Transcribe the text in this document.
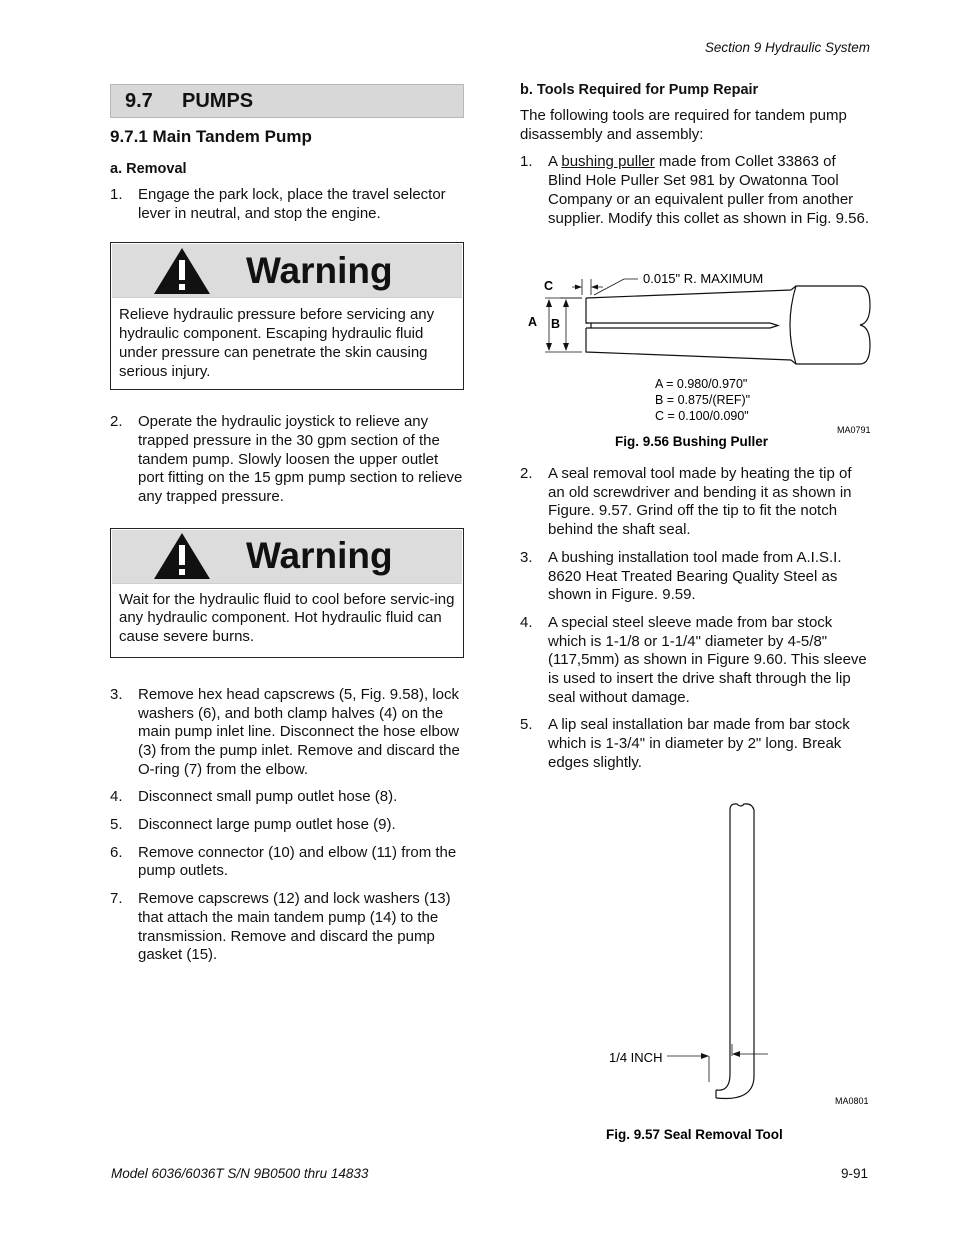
Section 9 Hydraulic System
9.7	PUMPS
9.7.1 Main Tandem Pump
a. Removal
1.	Engage the park lock, place the travel selector lever in neutral, and stop the engine.
Warning
Relieve hydraulic pressure before servicing any hydraulic component. Escaping hydraulic fluid under pressure can penetrate the skin causing serious injury.
2.	Operate the hydraulic joystick to relieve any trapped pressure in the 30 gpm section of the tandem pump. Slowly loosen the upper outlet port fitting on the 15 gpm pump section to relieve any trapped pressure.
Warning
Wait for the hydraulic fluid to cool before servic-ing any hydraulic component. Hot hydraulic fluid can cause severe burns.
3.	Remove hex head capscrews (5, Fig. 9.58), lock washers (6), and both clamp halves (4) on the main pump inlet line. Disconnect the hose elbow (3) from the pump inlet. Remove and discard the O-ring (7) from the elbow.
4.	Disconnect small pump outlet hose (8).
5.	Disconnect large pump outlet hose (9).
6.	Remove connector (10) and elbow (11) from the pump outlets.
7.	Remove capscrews (12) and lock washers (13) that attach the main tandem pump (14) to the transmission. Remove and discard the pump gasket (15).
b. Tools Required for Pump Repair
The following tools are required for tandem pump disassembly and assembly:
1.	A bushing puller made from Collet 33863 of Blind Hole Puller Set 981 by Owatonna Tool Company or an equivalent puller from another supplier. Modify this collet as shown in Fig. 9.56.
0.015" R. MAXIMUM
C
A B
A = 0.980/0.970"
B = 0.875/(REF)"
C = 0.100/0.090"
MA0791
Fig. 9.56 Bushing Puller
2.	A seal removal tool made by heating the tip of an old screwdriver and bending it as shown in Figure. 9.57. Grind off the tip to fit the notch behind the shaft seal.
3.	A bushing installation tool made from A.I.S.I. 8620 Heat Treated Bearing Quality Steel as shown in Figure. 9.59.
4.	A special steel sleeve made from bar stock which is 1-1/8 or 1-1/4" diameter by 4-5/8" (117,5mm) as shown in Figure 9.60. This sleeve is used to insert the drive shaft through the lip seal without damage.
5.	A lip seal installation bar made from bar stock which is 1-3/4" in diameter by 2" long. Break edges slightly.
1/4 INCH
MA0801
Fig. 9.57 Seal Removal Tool
Model 6036/6036T S/N 9B0500 thru 14833	9-91
